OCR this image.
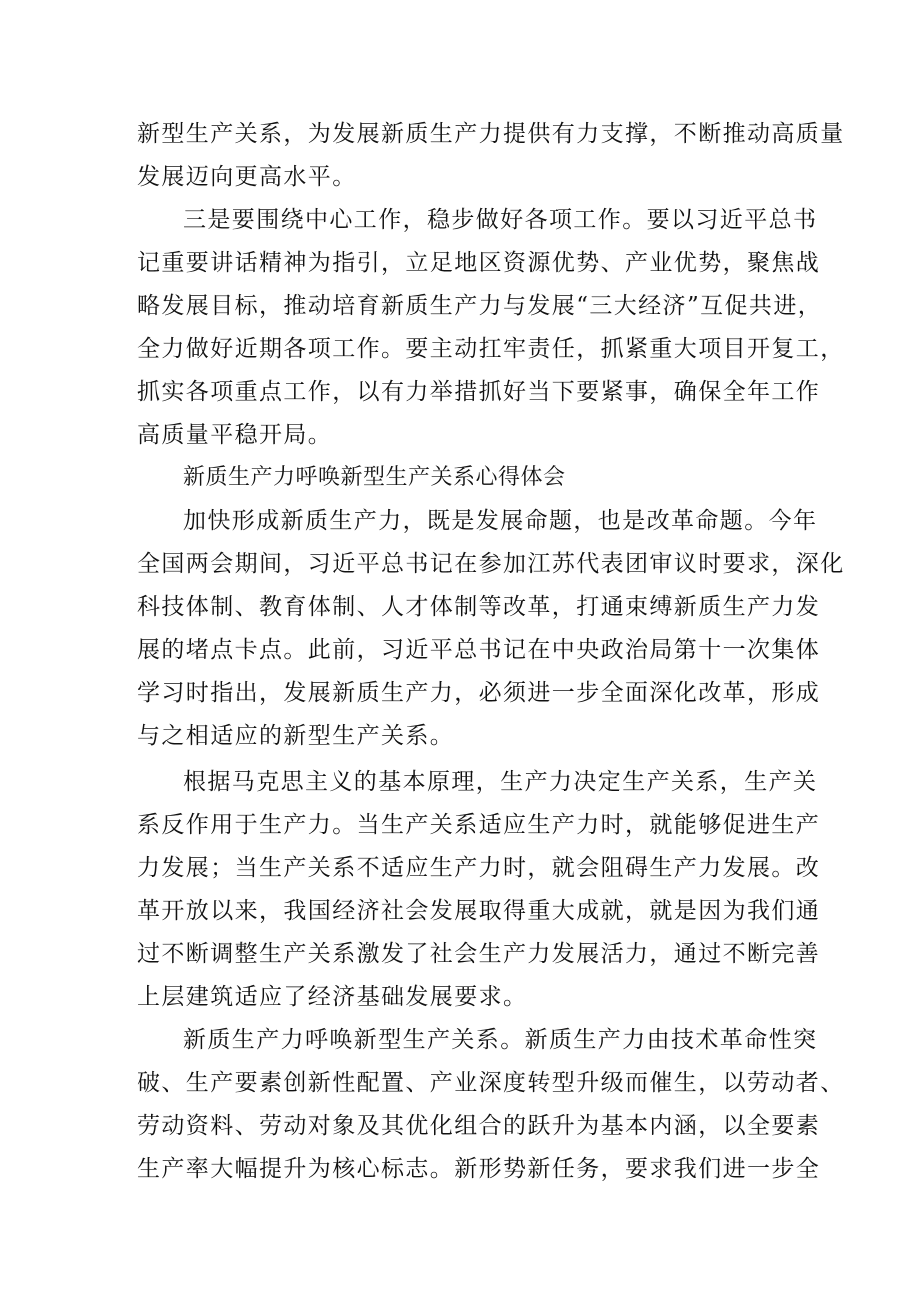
新型生产关系，为发展新质生产力提供有力支撑，不断推动高质量
发展迈向更高水平。
三是要围绕中心工作，稳步做好各项工作。要以习近平总书
记重要讲话精神为指引，立足地区资源优势、产业优势，聚焦战
略发展目标，推动培育新质生产力与发展“三大经济”互促共进，
全力做好近期各项工作。要主动扛牢责任，抓紧重大项目开复工，
抓实各项重点工作，以有力举措抓好当下要紧事，确保全年工作
高质量平稳开局。
新质生产力呼唤新型生产关系心得体会
加快形成新质生产力，既是发展命题，也是改革命题。今年
全国两会期间，习近平总书记在参加江苏代表团审议时要求，深化
科技体制、教育体制、人才体制等改革，打通束缚新质生产力发
展的堵点卡点。此前，习近平总书记在中央政治局第十一次集体
学习时指出，发展新质生产力，必须进一步全面深化改革，形成
与之相适应的新型生产关系。
根据马克思主义的基本原理，生产力决定生产关系，生产关
系反作用于生产力。当生产关系适应生产力时，就能够促进生产
力发展；当生产关系不适应生产力时，就会阻碍生产力发展。改
革开放以来，我国经济社会发展取得重大成就，就是因为我们通
过不断调整生产关系激发了社会生产力发展活力，通过不断完善
上层建筑适应了经济基础发展要求。
新质生产力呼唤新型生产关系。新质生产力由技术革命性突
破、生产要素创新性配置、产业深度转型升级而催生，以劳动者、
劳动资料、劳动对象及其优化组合的跃升为基本内涵，以全要素
生产率大幅提升为核心标志。新形势新任务，要求我们进一步全
